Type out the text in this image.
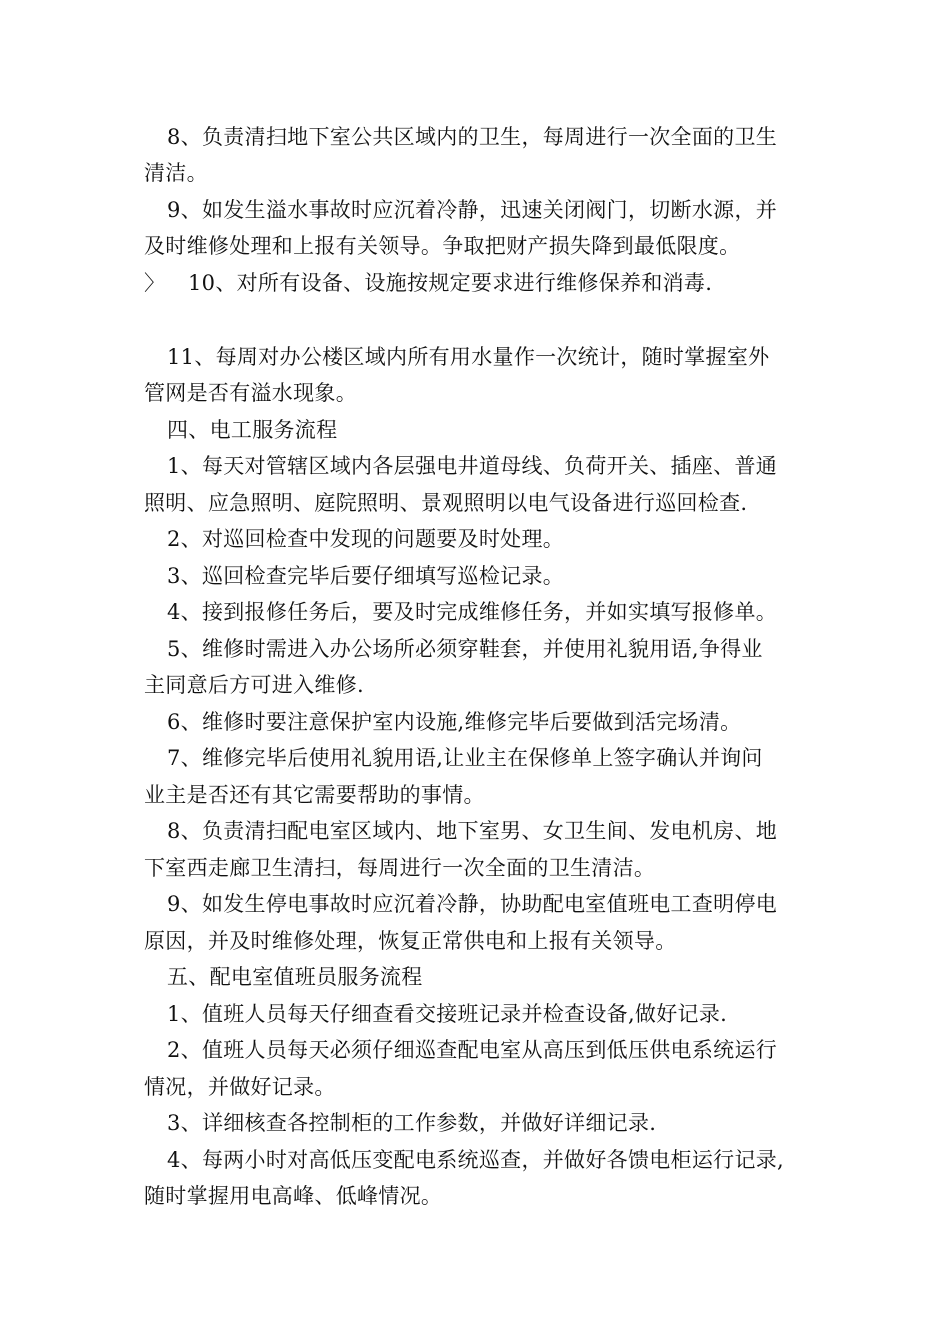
8、负责清扫地下室公共区域内的卫生，每周进行一次全面的卫生
清洁。
9、如发生溢水事故时应沉着冷静，迅速关闭阀门，切断水源，并
及时维修处理和上报有关领导。争取把财产损失降到最低限度。
〉 10、对所有设备、设施按规定要求进行维修保养和消毒.
11、每周对办公楼区域内所有用水量作一次统计，随时掌握室外
管网是否有溢水现象。
四、电工服务流程
1、每天对管辖区域内各层强电井道母线、负荷开关、插座、普通
照明、应急照明、庭院照明、景观照明以电气设备进行巡回检查.
2、对巡回检查中发现的问题要及时处理。
3、巡回检查完毕后要仔细填写巡检记录。
4、接到报修任务后，要及时完成维修任务，并如实填写报修单。
5、维修时需进入办公场所必须穿鞋套，并使用礼貌用语,争得业
主同意后方可进入维修.
6、维修时要注意保护室内设施,维修完毕后要做到活完场清。
7、维修完毕后使用礼貌用语,让业主在保修单上签字确认并询问
业主是否还有其它需要帮助的事情。
8、负责清扫配电室区域内、地下室男、女卫生间、发电机房、地
下室西走廊卫生清扫，每周进行一次全面的卫生清洁。
9、如发生停电事故时应沉着冷静，协助配电室值班电工查明停电
原因，并及时维修处理，恢复正常供电和上报有关领导。
五、配电室值班员服务流程
1、值班人员每天仔细查看交接班记录并检查设备,做好记录.
2、值班人员每天必须仔细巡查配电室从高压到低压供电系统运行
情况，并做好记录。
3、详细核查各控制柜的工作参数，并做好详细记录.
4、每两小时对高低压变配电系统巡查，并做好各馈电柜运行记录,
随时掌握用电高峰、低峰情况。
